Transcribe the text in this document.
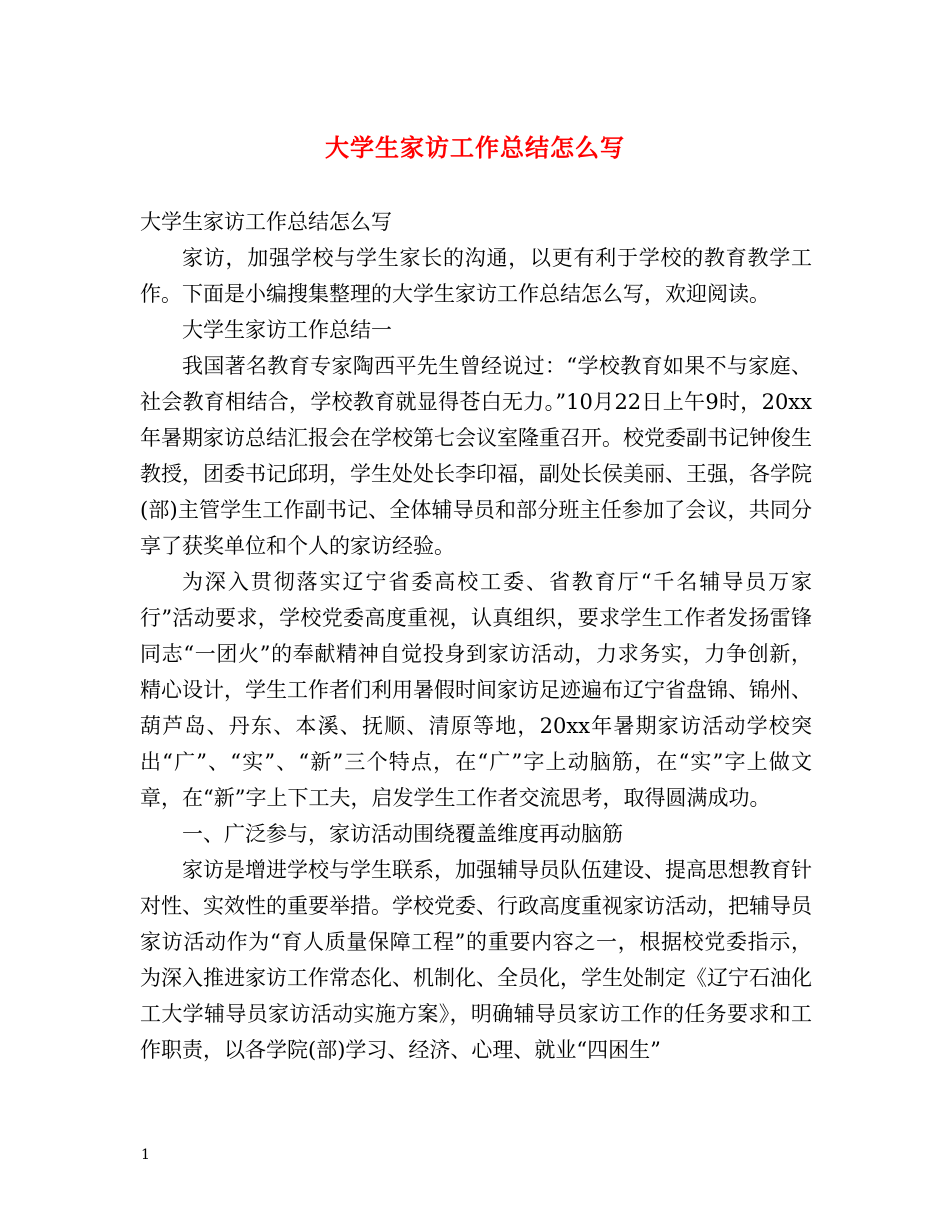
大学生家访工作总结怎么写

大学生家访工作总结怎么写

家访，加强学校与学生家长的沟通，以更有利于学校的教育教学工作。下面是小编搜集整理的大学生家访工作总结怎么写，欢迎阅读。

大学生家访工作总结一

我国著名教育专家陶西平先生曾经说过：“学校教育如果不与家庭、社会教育相结合，学校教育就显得苍白无力。”10月22日上午9时，20xx年暑期家访总结汇报会在学校第七会议室隆重召开。校党委副书记钟俊生教授，团委书记邱玥，学生处处长李印福，副处长侯美丽、王强，各学院(部)主管学生工作副书记、全体辅导员和部分班主任参加了会议，共同分享了获奖单位和个人的家访经验。

为深入贯彻落实辽宁省委高校工委、省教育厅“千名辅导员万家行”活动要求，学校党委高度重视，认真组织，要求学生工作者发扬雷锋同志“一团火”的奉献精神自觉投身到家访活动，力求务实，力争创新，精心设计，学生工作者们利用暑假时间家访足迹遍布辽宁省盘锦、锦州、葫芦岛、丹东、本溪、抚顺、清原等地，20xx年暑期家访活动学校突出“广”、“实”、“新”三个特点，在“广”字上动脑筋，在“实”字上做文章，在“新”字上下工夫，启发学生工作者交流思考，取得圆满成功。

一、广泛参与，家访活动围绕覆盖维度再动脑筋

家访是增进学校与学生联系，加强辅导员队伍建设、提高思想教育针对性、实效性的重要举措。学校党委、行政高度重视家访活动，把辅导员家访活动作为“育人质量保障工程”的重要内容之一，根据校党委指示，为深入推进家访工作常态化、机制化、全员化，学生处制定《辽宁石油化工大学辅导员家访活动实施方案》，明确辅导员家访工作的任务要求和工作职责，以各学院(部)学习、经济、心理、就业“四困生”

1
